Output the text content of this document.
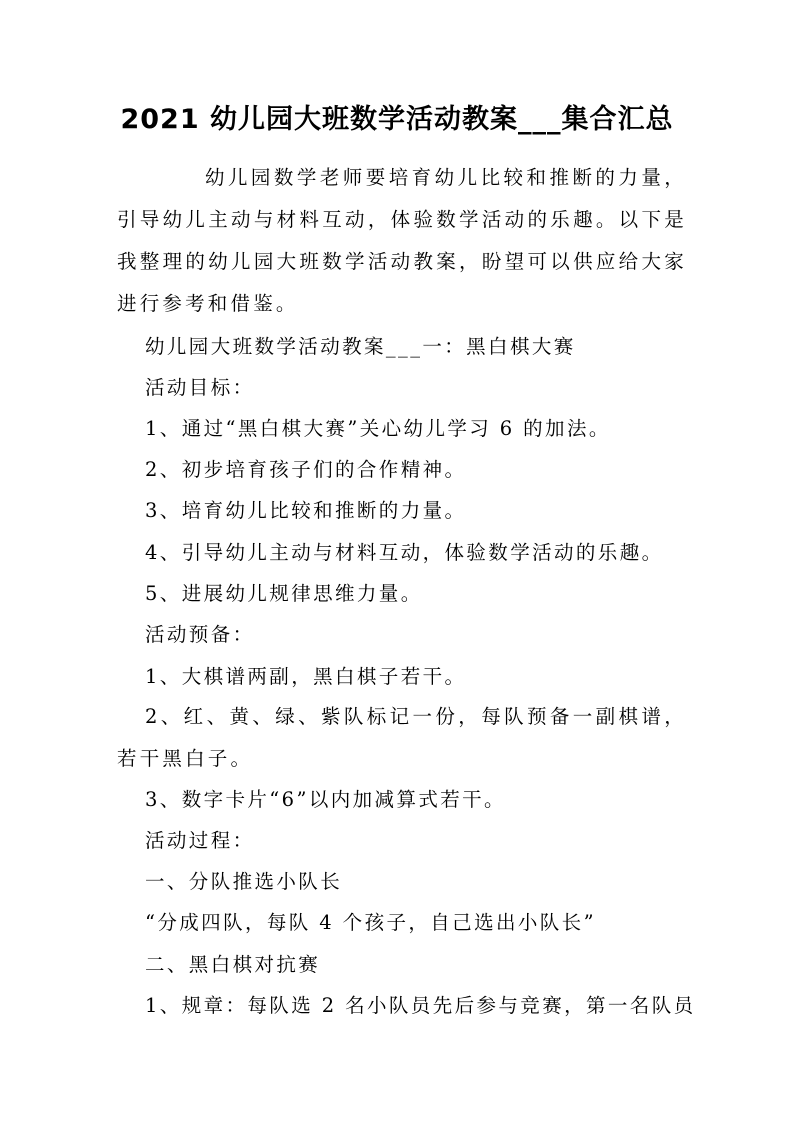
2021 幼儿园大班数学活动教案___集合汇总
幼儿园数学老师要培育幼儿比较和推断的力量，引导幼儿主动与材料互动，体验数学活动的乐趣。以下是我整理的幼儿园大班数学活动教案，盼望可以供应给大家进行参考和借鉴。
幼儿园大班数学活动教案___一：黑白棋大赛
活动目标：
1、通过“黑白棋大赛”关心幼儿学习 6 的加法。
2、初步培育孩子们的合作精神。
3、培育幼儿比较和推断的力量。
4、引导幼儿主动与材料互动，体验数学活动的乐趣。
5、进展幼儿规律思维力量。
活动预备：
1、大棋谱两副，黑白棋子若干。
2、红、黄、绿、紫队标记一份，每队预备一副棋谱，若干黑白子。
3、数字卡片“6”以内加减算式若干。
活动过程：
一、分队推选小队长
“分成四队，每队 4 个孩子，自己选出小队长”
二、黑白棋对抗赛
1、规章：每队选 2 名小队员先后参与竞赛，第一名队员
